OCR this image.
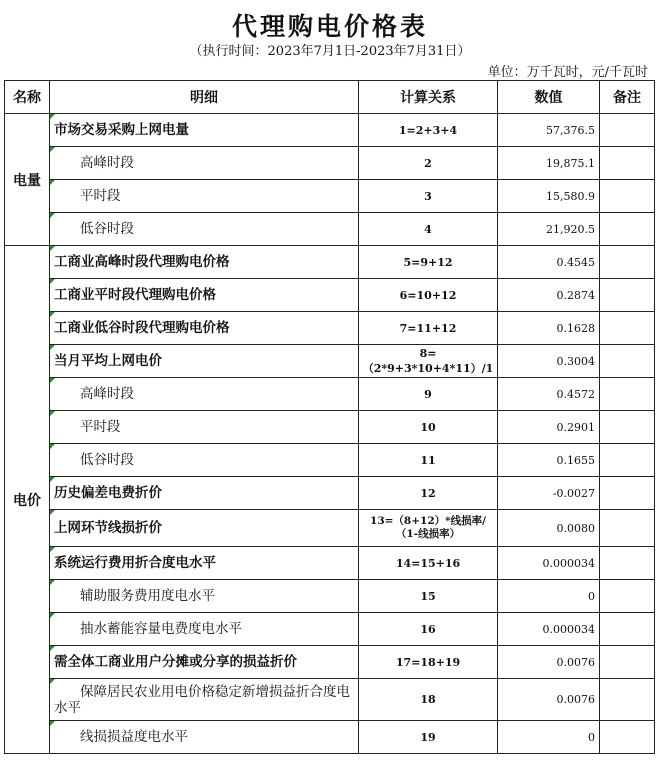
代理购电价格表
（执行时间：2023年7月1日-2023年7月31日）
单位：万千瓦时，元/千瓦时
名称	明细	计算关系	数值	备注
电量	市场交易采购上网电量	1=2+3+4	57,376.5	
	高峰时段	2	19,875.1	
	平时段	3	15,580.9	
	低谷时段	4	21,920.5	
电价	工商业高峰时段代理购电价格	5=9+12	0.4545	
	工商业平时段代理购电价格	6=10+12	0.2874	
	工商业低谷时段代理购电价格	7=11+12	0.1628	
	当月平均上网电价	8=（2*9+3*10+4*11）/1	0.3004	
	高峰时段	9	0.4572	
	平时段	10	0.2901	
	低谷时段	11	0.1655	
	历史偏差电费折价	12	-0.0027	
	上网环节线损折价	13=（8+12）*线损率/
（1-线损率）	0.0080	
	系统运行费用折合度电水平	14=15+16	0.000034	
	辅助服务费用度电水平	15	0	
	抽水蓄能容量电费度电水平	16	0.000034	
	需全体工商业用户分摊或分享的损益折价	17=18+19	0.0076	
	保障居民农业用电价格稳定新增损益折合度电水平	18	0.0076	
	线损损益度电水平	19	0	
